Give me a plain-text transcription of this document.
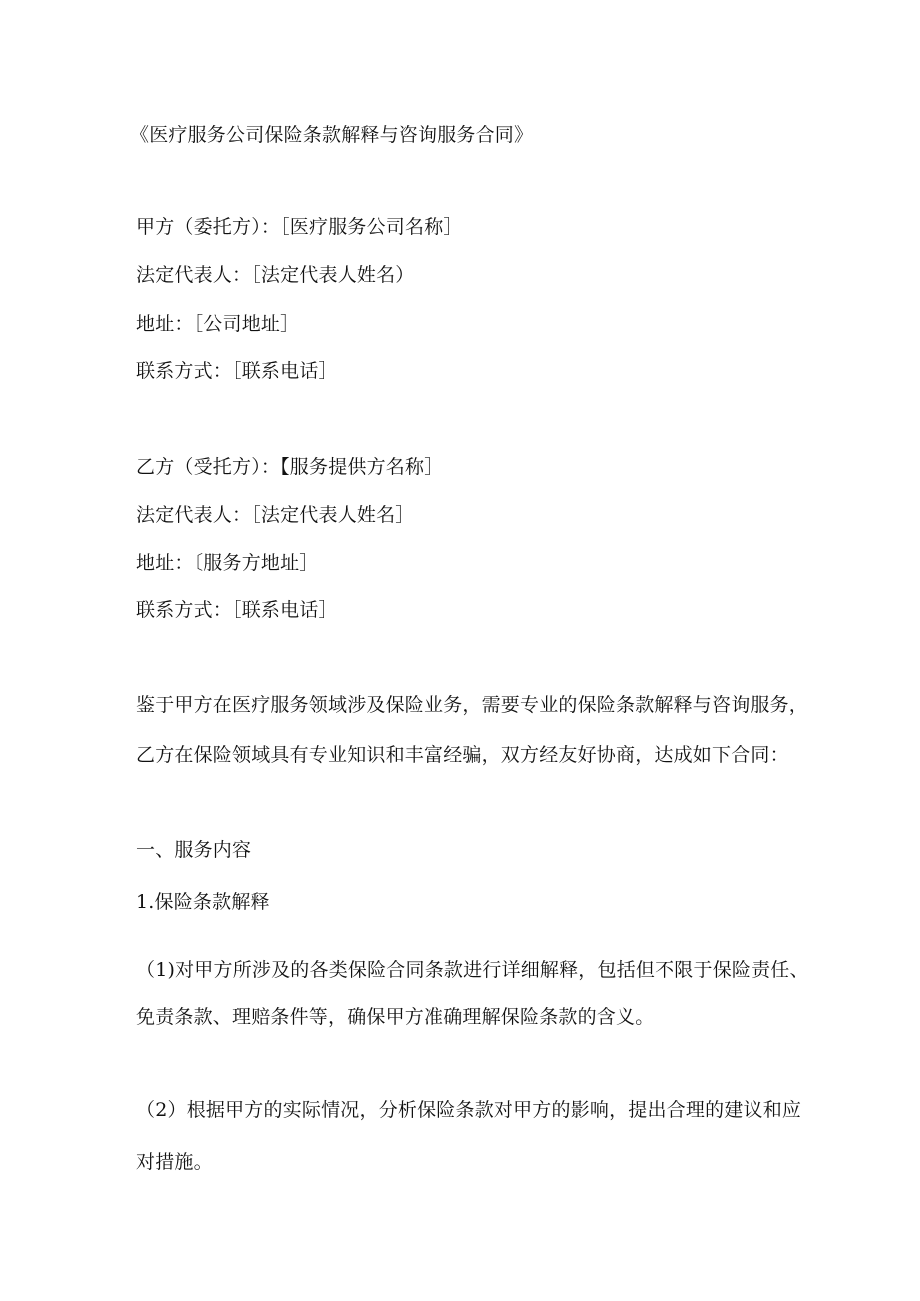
《医疗服务公司保险条款解释与咨询服务合同》
甲方（委托方）：［医疗服务公司名称］
法定代表人：［法定代表人姓名）
地址：［公司地址］
联系方式：［联系电话］
乙方（受托方）：【服务提供方名称］
法定代表人：［法定代表人姓名］
地址：〔服务方地址］
联系方式：［联系电话］
鉴于甲方在医疗服务领域涉及保险业务，需要专业的保险条款解释与咨询服务，
乙方在保险领域具有专业知识和丰富经骗，双方经友好协商，达成如下合同：
一、服务内容
1.保险条款解释
（1)对甲方所涉及的各类保险合同条款进行详细解释，包括但不限于保险责任、
免责条款、理赔条件等，确保甲方准确理解保险条款的含义。
（2）根据甲方的实际情况，分析保险条款对甲方的影响，提出合理的建议和应
对措施。
